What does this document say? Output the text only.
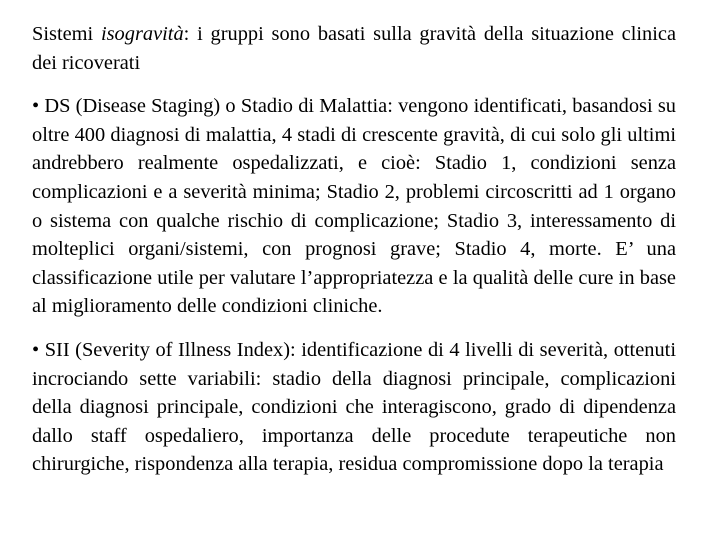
Sistemi isogravità: i gruppi sono basati sulla gravità della situazione clinica dei ricoverati

• DS (Disease Staging) o Stadio di Malattia: vengono identificati, basandosi su oltre 400 diagnosi di malattia, 4 stadi di crescente gravità, di cui solo gli ultimi andrebbero realmente ospedalizzati, e cioè: Stadio 1, condizioni senza complicazioni e a severità minima; Stadio 2, problemi circoscritti ad 1 organo o sistema con qualche rischio di complicazione; Stadio 3, interessamento di molteplici organi/sistemi, con prognosi grave; Stadio 4, morte. E’ una classificazione utile per valutare l’appropriatezza e la qualità delle cure in base al miglioramento delle condizioni cliniche.

• SII (Severity of Illness Index): identificazione di 4 livelli di severità, ottenuti incrociando sette variabili: stadio della diagnosi principale, complicazioni della diagnosi principale, condizioni che interagiscono, grado di dipendenza dallo staff ospedaliero, importanza delle procedute terapeutiche non chirurgiche, rispondenza alla terapia, residua compromissione dopo la terapia
